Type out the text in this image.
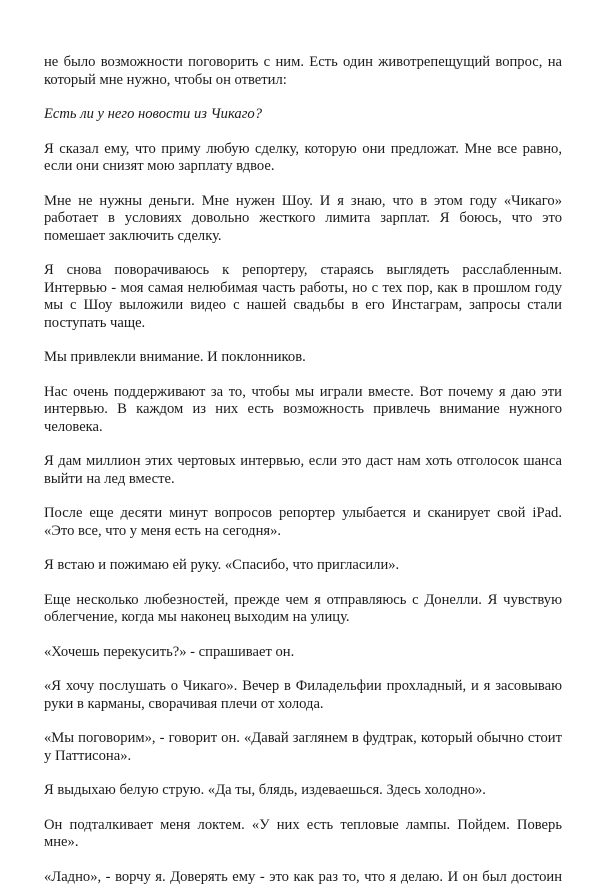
не было возможности поговорить с ним. Есть один животрепещущий вопрос, на который мне нужно, чтобы он ответил:

Есть ли у него новости из Чикаго?

Я сказал ему, что приму любую сделку, которую они предложат. Мне все равно, если они снизят мою зарплату вдвое.

Мне не нужны деньги. Мне нужен Шоу. И я знаю, что в этом году «Чикаго» работает в условиях довольно жесткого лимита зарплат. Я боюсь, что это помешает заключить сделку.

Я снова поворачиваюсь к репортеру, стараясь выглядеть расслабленным. Интервью - моя самая нелюбимая часть работы, но с тех пор, как в прошлом году мы с Шоу выложили видео с нашей свадьбы в его Инстаграм, запросы стали поступать чаще.

Мы привлекли внимание. И поклонников.

Нас очень поддерживают за то, чтобы мы играли вместе. Вот почему я даю эти интервью. В каждом из них есть возможность привлечь внимание нужного человека.

Я дам миллион этих чертовых интервью, если это даст нам хоть отголосок шанса выйти на лед вместе.

После еще десяти минут вопросов репортер улыбается и сканирует свой iPad. «Это все, что у меня есть на сегодня».

Я встаю и пожимаю ей руку. «Спасибо, что пригласили».

Еще несколько любезностей, прежде чем я отправляюсь с Донелли. Я чувствую облегчение, когда мы наконец выходим на улицу.

«Хочешь перекусить?» - спрашивает он.

«Я хочу послушать о Чикаго». Вечер в Филадельфии прохладный, и я засовываю руки в карманы, сворачивая плечи от холода.

«Мы поговорим», - говорит он. «Давай заглянем в фудтрак, который обычно стоит у Паттисона».

Я выдыхаю белую струю. «Да ты, блядь, издеваешься. Здесь холодно».

Он подталкивает меня локтем. «У них есть тепловые лампы. Пойдем. Поверь мне».

«Ладно», - ворчу я. Доверять ему - это как раз то, что я делаю. И он был достоин
